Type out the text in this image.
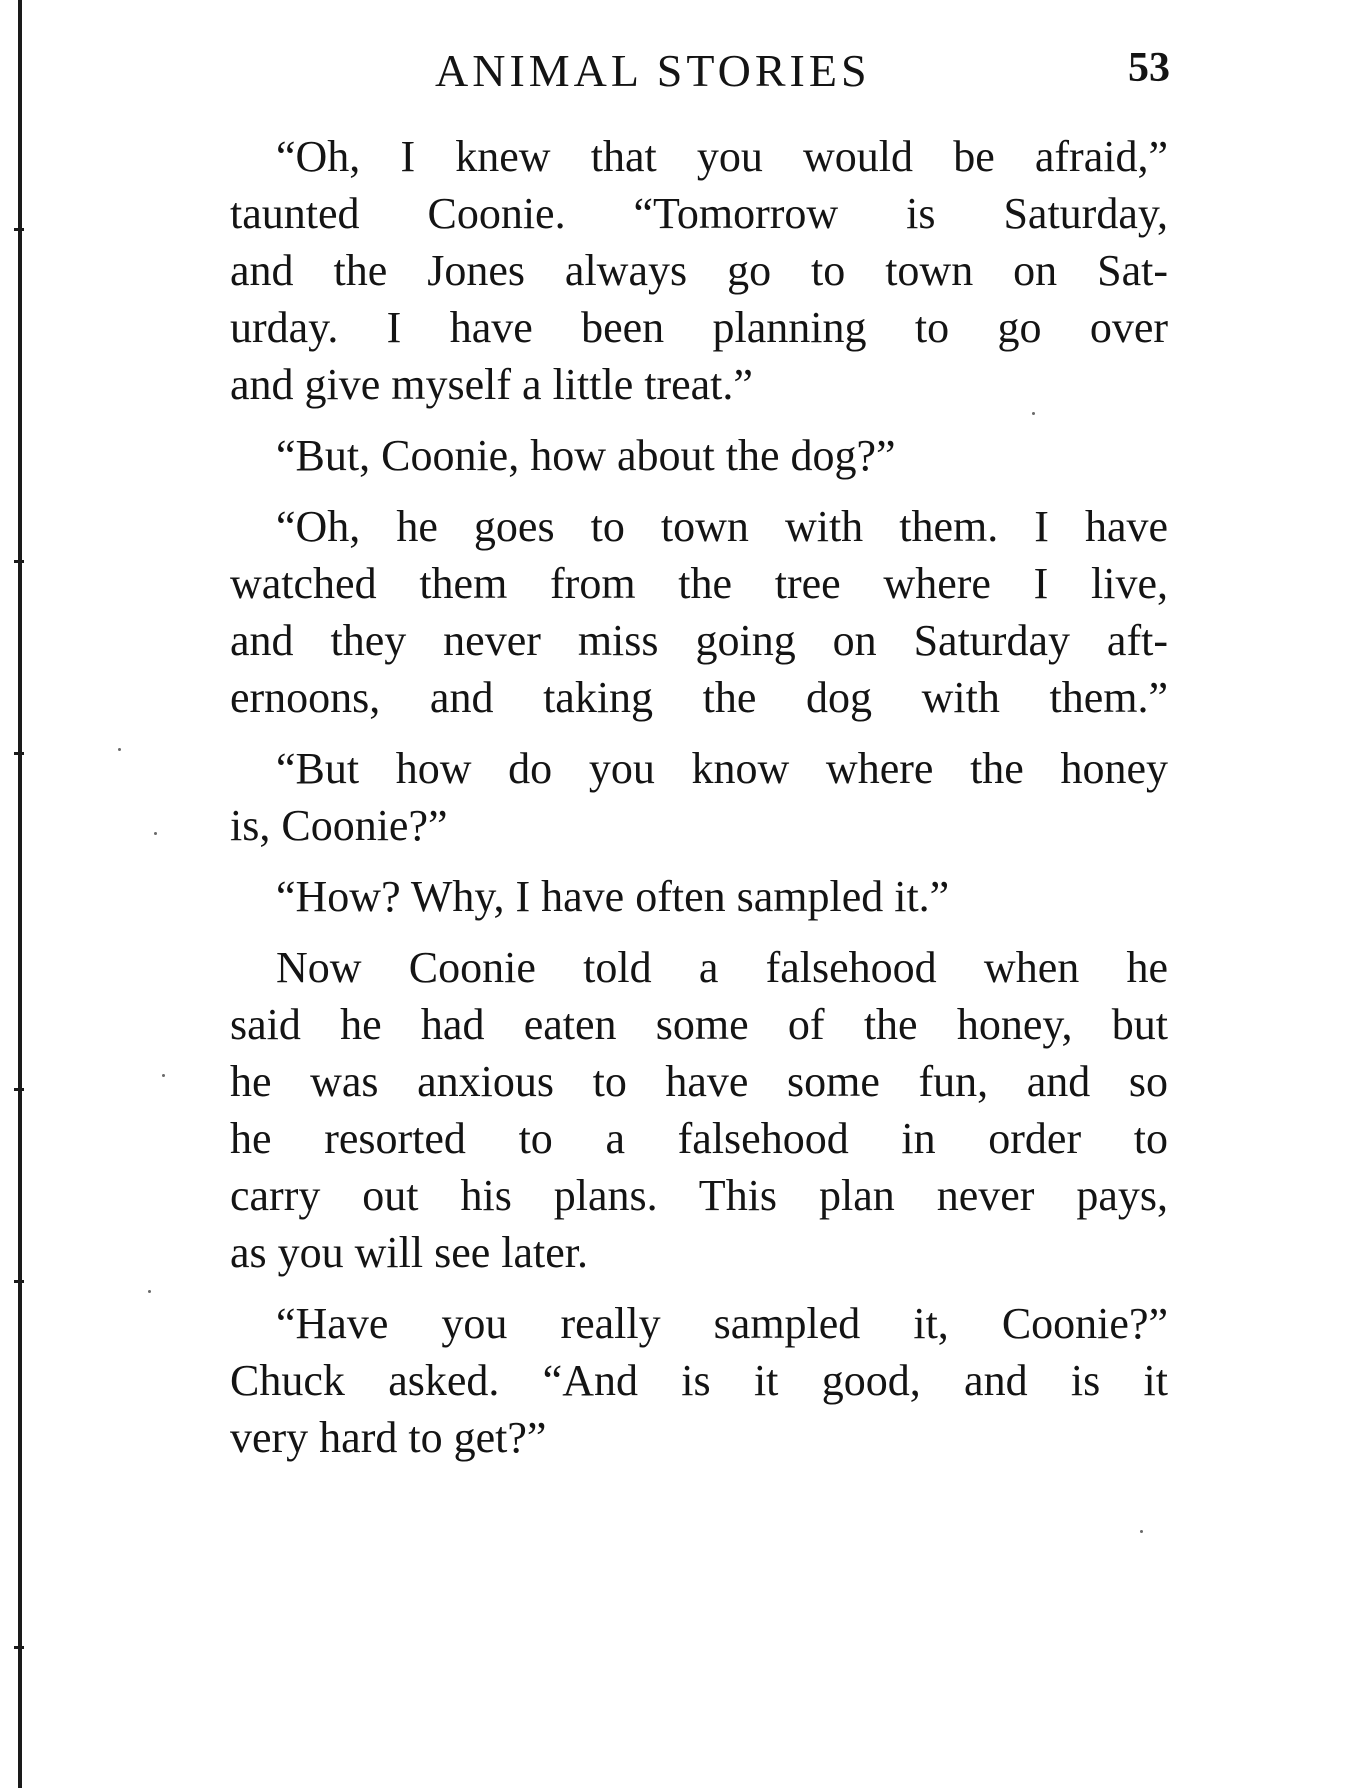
ANIMAL STORIES	53
“Oh, I knew that you would be afraid,”
taunted Coonie. “Tomorrow is Saturday,
and the Jones always go to town on Sat-
urday. I have been planning to go over
and give myself a little treat.”
“But, Coonie, how about the dog?”
“Oh, he goes to town with them. I have
watched them from the tree where I live,
and they never miss going on Saturday aft-
ernoons, and taking the dog with them.”
“But how do you know where the honey
is, Coonie?”
“How? Why, I have often sampled it.”
Now Coonie told a falsehood when he
said he had eaten some of the honey, but
he was anxious to have some fun, and so
he resorted to a falsehood in order to
carry out his plans. This plan never pays,
as you will see later.
“Have you really sampled it, Coonie?”
Chuck asked. “And is it good, and is it
very hard to get?”
